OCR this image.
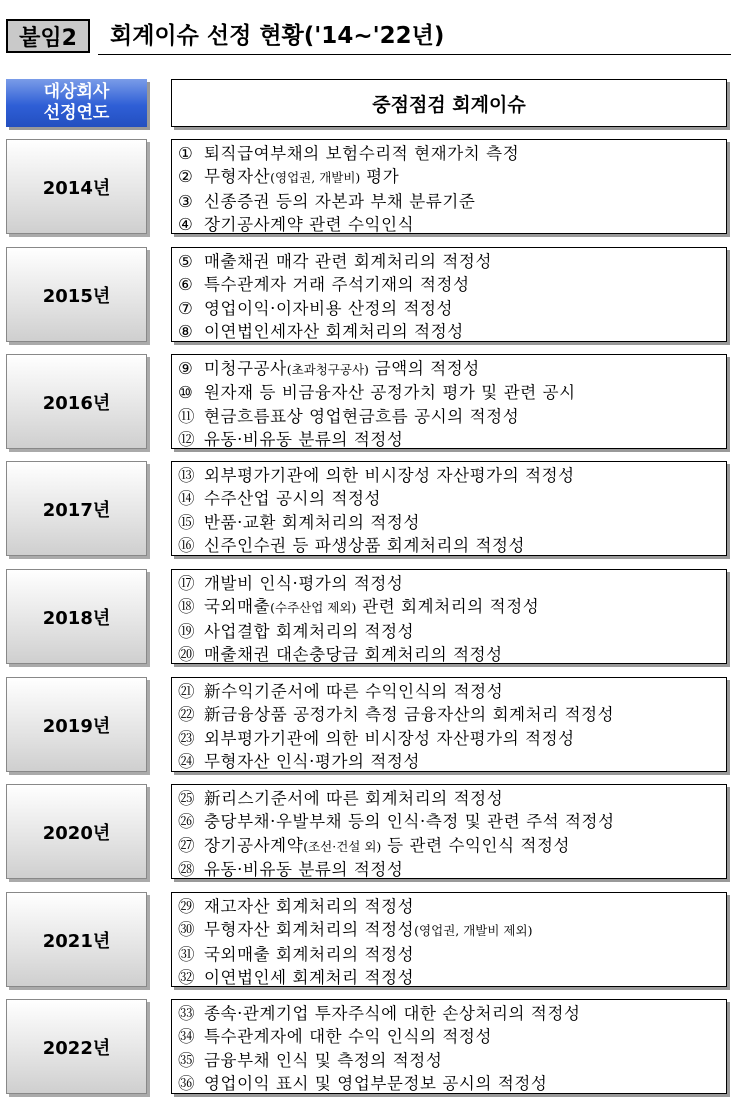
붙임2	회계이슈 선정 현황('14~'22년)
대상회사
선정연도	중점점검 회계이슈
2014년
① 퇴직급여부채의 보험수리적 현재가치 측정
② 무형자산(영업권, 개발비) 평가
③ 신종증권 등의 자본과 부채 분류기준
④ 장기공사계약 관련 수익인식
2015년
⑤ 매출채권 매각 관련 회계처리의 적정성
⑥ 특수관계자 거래 주석기재의 적정성
⑦ 영업이익·이자비용 산정의 적정성
⑧ 이연법인세자산 회계처리의 적정성
2016년
⑨ 미청구공사(초과청구공사) 금액의 적정성
⑩ 원자재 등 비금융자산 공정가치 평가 및 관련 공시
⑪ 현금흐름표상 영업현금흐름 공시의 적정성
⑫ 유동·비유동 분류의 적정성
2017년
⑬ 외부평가기관에 의한 비시장성 자산평가의 적정성
⑭ 수주산업 공시의 적정성
⑮ 반품·교환 회계처리의 적정성
⑯ 신주인수권 등 파생상품 회계처리의 적정성
2018년
⑰ 개발비 인식·평가의 적정성
⑱ 국외매출(수주산업 제외) 관련 회계처리의 적정성
⑲ 사업결합 회계처리의 적정성
⑳ 매출채권 대손충당금 회계처리의 적정성
2019년
㉑ 新수익기준서에 따른 수익인식의 적정성
㉒ 新금융상품 공정가치 측정 금융자산의 회계처리 적정성
㉓ 외부평가기관에 의한 비시장성 자산평가의 적정성
㉔ 무형자산 인식·평가의 적정성
2020년
㉕ 新리스기준서에 따른 회계처리의 적정성
㉖ 충당부채·우발부채 등의 인식·측정 및 관련 주석 적정성
㉗ 장기공사계약(조선·건설 외) 등 관련 수익인식 적정성
㉘ 유동·비유동 분류의 적정성
2021년
㉙ 재고자산 회계처리의 적정성
㉚ 무형자산 회계처리의 적정성(영업권, 개발비 제외)
㉛ 국외매출 회계처리의 적정성
㉜ 이연법인세 회계처리 적정성
2022년
㉝ 종속·관계기업 투자주식에 대한 손상처리의 적정성
㉞ 특수관계자에 대한 수익 인식의 적정성
㉟ 금융부채 인식 및 측정의 적정성
㊱ 영업이익 표시 및 영업부문정보 공시의 적정성
